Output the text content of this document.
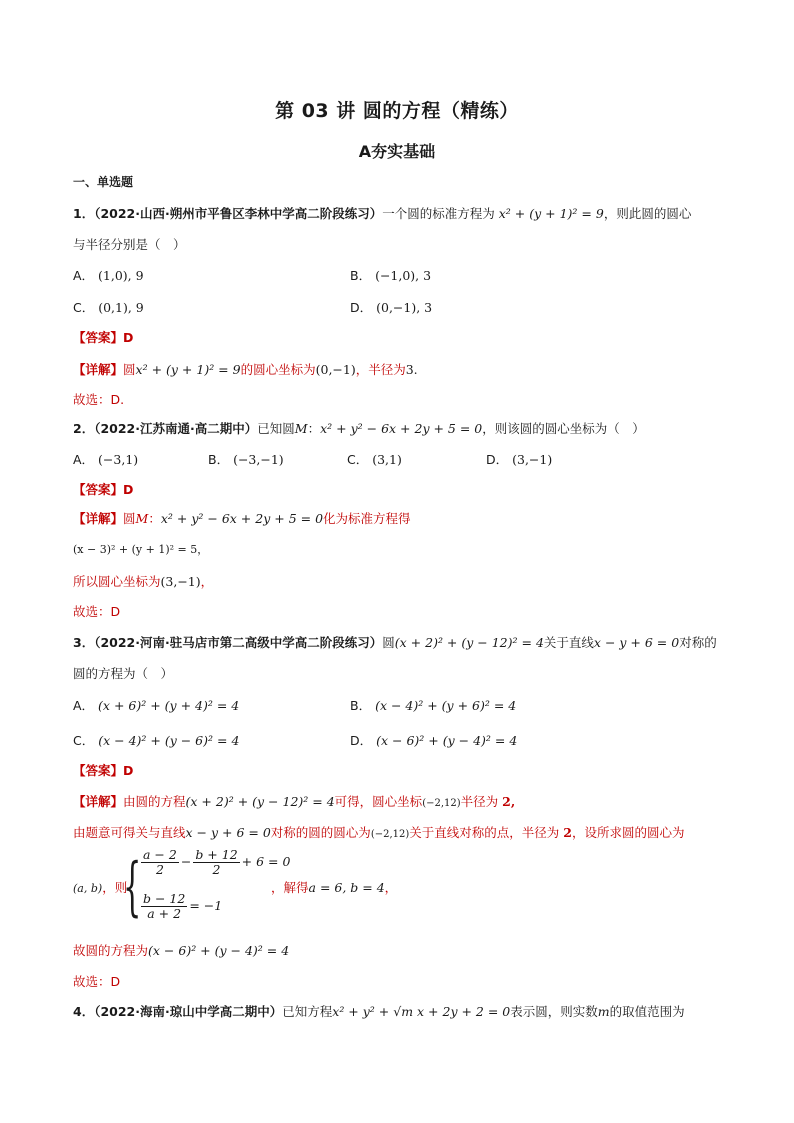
第 03 讲 圆的方程（精练）
A夯实基础
一、单选题
1．（2022·山西·朔州市平鲁区李林中学高二阶段练习）一个圆的标准方程为 x² + (y + 1)² = 9，则此圆的圆心
与半径分别是（　）
A． (1,0), 9	B． (−1,0), 3
C． (0,1), 9	D． (0,−1), 3
【答案】D
【详解】圆x² + (y + 1)² = 9的圆心坐标为(0,−1)，半径为3.
故选：D.
2．（2022·江苏南通·高二期中）已知圆M：x² + y² − 6x + 2y + 5 = 0，则该圆的圆心坐标为（　）
A． (−3,1)	B． (−3,−1)	C． (3,1)	D． (3,−1)
【答案】D
【详解】圆M：x² + y² − 6x + 2y + 5 = 0化为标准方程得
(x − 3)² + (y + 1)² = 5，
所以圆心坐标为(3,−1)，
故选：D
3．（2022·河南·驻马店市第二高级中学高二阶段练习）圆(x + 2)² + (y − 12)² = 4关于直线x − y + 6 = 0对称的
圆的方程为（　）
A． (x + 6)² + (y + 4)² = 4	B． (x − 4)² + (y + 6)² = 4
C． (x − 4)² + (y − 6)² = 4	D． (x − 6)² + (y − 4)² = 4
【答案】D
【详解】由圆的方程(x + 2)² + (y − 12)² = 4可得，圆心坐标(−2,12)半径为 2,
由题意可得关与直线x − y + 6 = 0对称的圆的圆心为(−2,12)关于直线对称的点，半径为 2，设所求圆的圆心为
(a, b)，则
{ $\frac{a - 2}{2} - \frac{b + 12}{2} + 6 = 0$
$\frac{b - 12}{a + 2} = -1$
，解得a = 6, b = 4，
故圆的方程为(x − 6)² + (y − 4)² = 4
故选：D
4．（2022·海南·琼山中学高二期中）已知方程x² + y² + √m x + 2y + 2 = 0表示圆，则实数m的取值范围为
